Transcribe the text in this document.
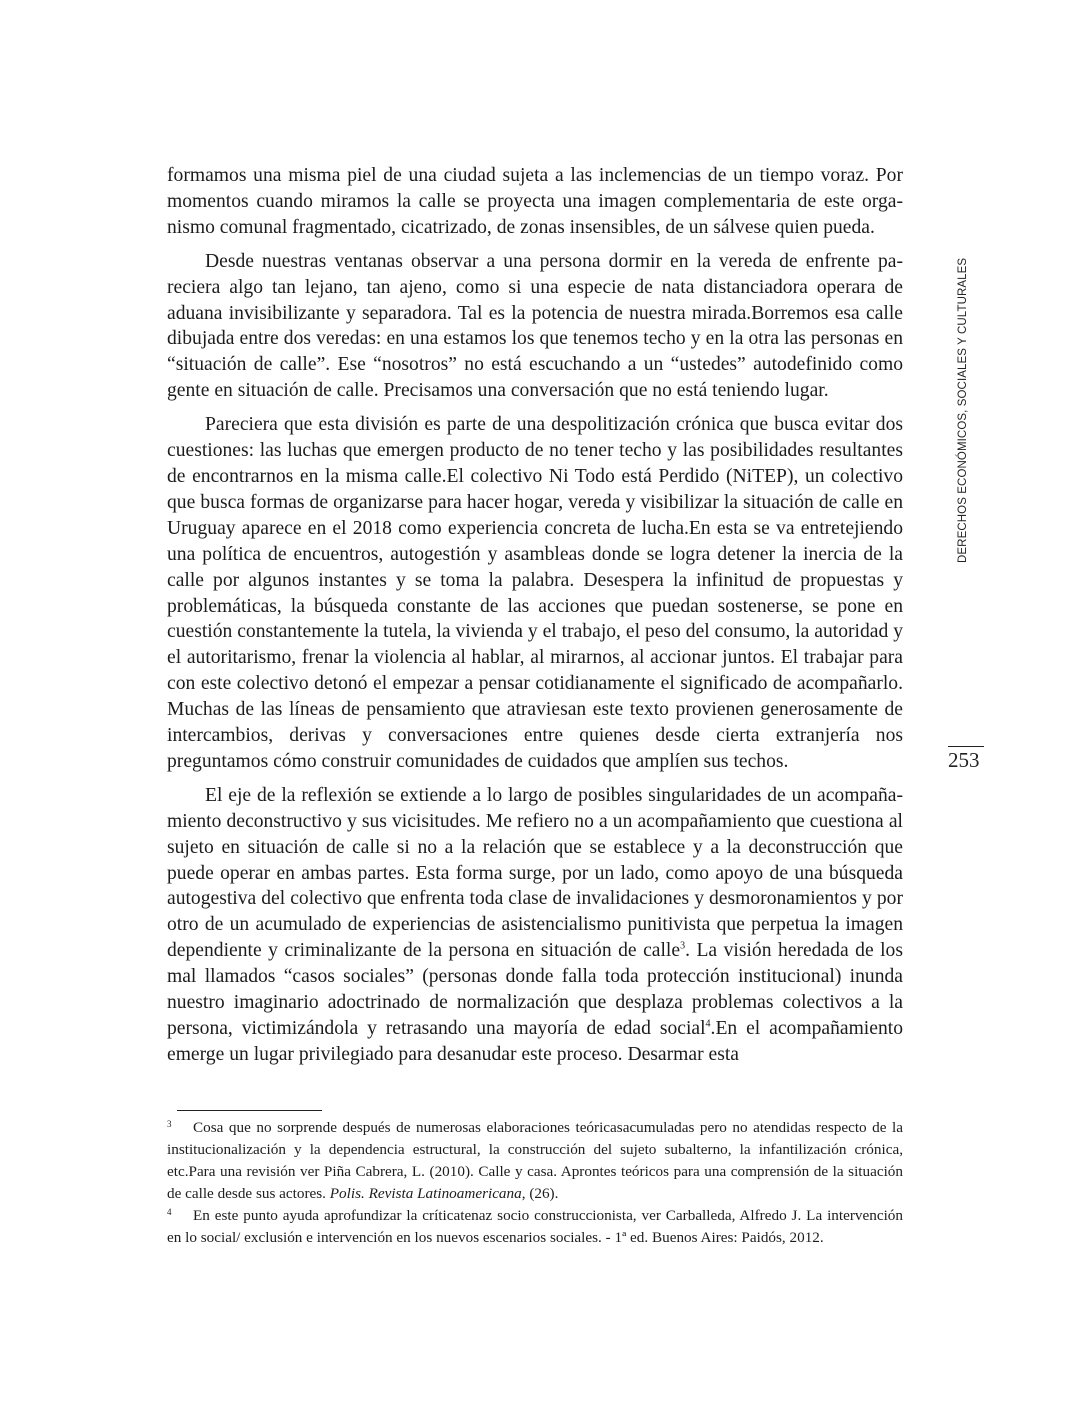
formamos una misma piel de una ciudad sujeta a las inclemencias de un tiempo voraz. Por momentos cuando miramos la calle se proyecta una imagen complementaria de este organismo comunal fragmentado, cicatrizado, de zonas insensibles, de un sálvese quien pueda.

Desde nuestras ventanas observar a una persona dormir en la vereda de enfrente pareciera algo tan lejano, tan ajeno, como si una especie de nata distanciadora operara de aduana invisibilizante y separadora. Tal es la potencia de nuestra mirada.Borremos esa calle dibujada entre dos veredas: en una estamos los que tenemos techo y en la otra las personas en “situación de calle”. Ese “nosotros” no está escuchando a un “ustedes” autodefinido como gente en situación de calle. Precisamos una conversación que no está teniendo lugar.

Pareciera que esta división es parte de una despolitización crónica que busca evitar dos cuestiones: las luchas que emergen producto de no tener techo y las posibilidades resultantes de encontrarnos en la misma calle.El colectivo Ni Todo está Perdido (NiTEP), un colectivo que busca formas de organizarse para hacer hogar, vereda y visibilizar la situación de calle en Uruguay aparece en el 2018 como experiencia concreta de lucha.En esta se va entretejiendo una política de encuentros, autogestión y asambleas donde se logra detener la inercia de la calle por algunos instantes y se toma la palabra. Desespera la infinitud de propuestas y problemáticas, la búsqueda constante de las acciones que puedan sostenerse, se pone en cuestión constantemente la tutela, la vivienda y el trabajo, el peso del consumo, la autoridad y el autoritarismo, frenar la violencia al hablar, al mirarnos, al accionar juntos. El trabajar para con este colectivo detonó el empezar a pensar cotidianamente el significado de acompañarlo. Muchas de las líneas de pensamiento que atraviesan este texto provienen generosamente de intercambios, derivas y conversaciones entre quienes desde cierta extranjería nos preguntamos cómo construir comunidades de cuidados que amplíen sus techos.

El eje de la reflexión se extiende a lo largo de posibles singularidades de un acompañamiento deconstructivo y sus vicisitudes. Me refiero no a un acompañamiento que cuestiona al sujeto en situación de calle si no a la relación que se establece y a la deconstrucción que puede operar en ambas partes. Esta forma surge, por un lado, como apoyo de una búsqueda autogestiva del colectivo que enfrenta toda clase de invalidaciones y desmoronamientos y por otro de un acumulado de experiencias de asistencialismo punitivista que perpetua la imagen dependiente y criminalizante de la persona en situación de calle$^3$. La visión heredada de los mal llamados “casos sociales” (personas donde falla toda protección institucional) inunda nuestro imaginario adoctrinado de normalización que desplaza problemas colectivos a la persona, victimizándola y retrasando una mayoría de edad social$^4$.En el acompañamiento emerge un lugar privilegiado para desanudar este proceso. Desarmar esta

DERECHOS ECONÓMICOS, SOCIALES Y CULTURALES
253

3 Cosa que no sorprende después de numerosas elaboraciones teóricasacumuladas pero no atendidas respecto de la institucionalización y la dependencia estructural, la construcción del sujeto subalterno, la infantilización crónica, etc.Para una revisión ver Piña Cabrera, L. (2010). Calle y casa. Aprontes teóricos para una comprensión de la situación de calle desde sus actores. Polis. Revista Latinoamericana, (26).

4 En este punto ayuda aprofundizar la críticatenaz socio construccionista, ver Carballeda, Alfredo J. La intervención en lo social/ exclusión e intervención en los nuevos escenarios sociales. - 1ª ed. Buenos Aires: Paidós, 2012.
